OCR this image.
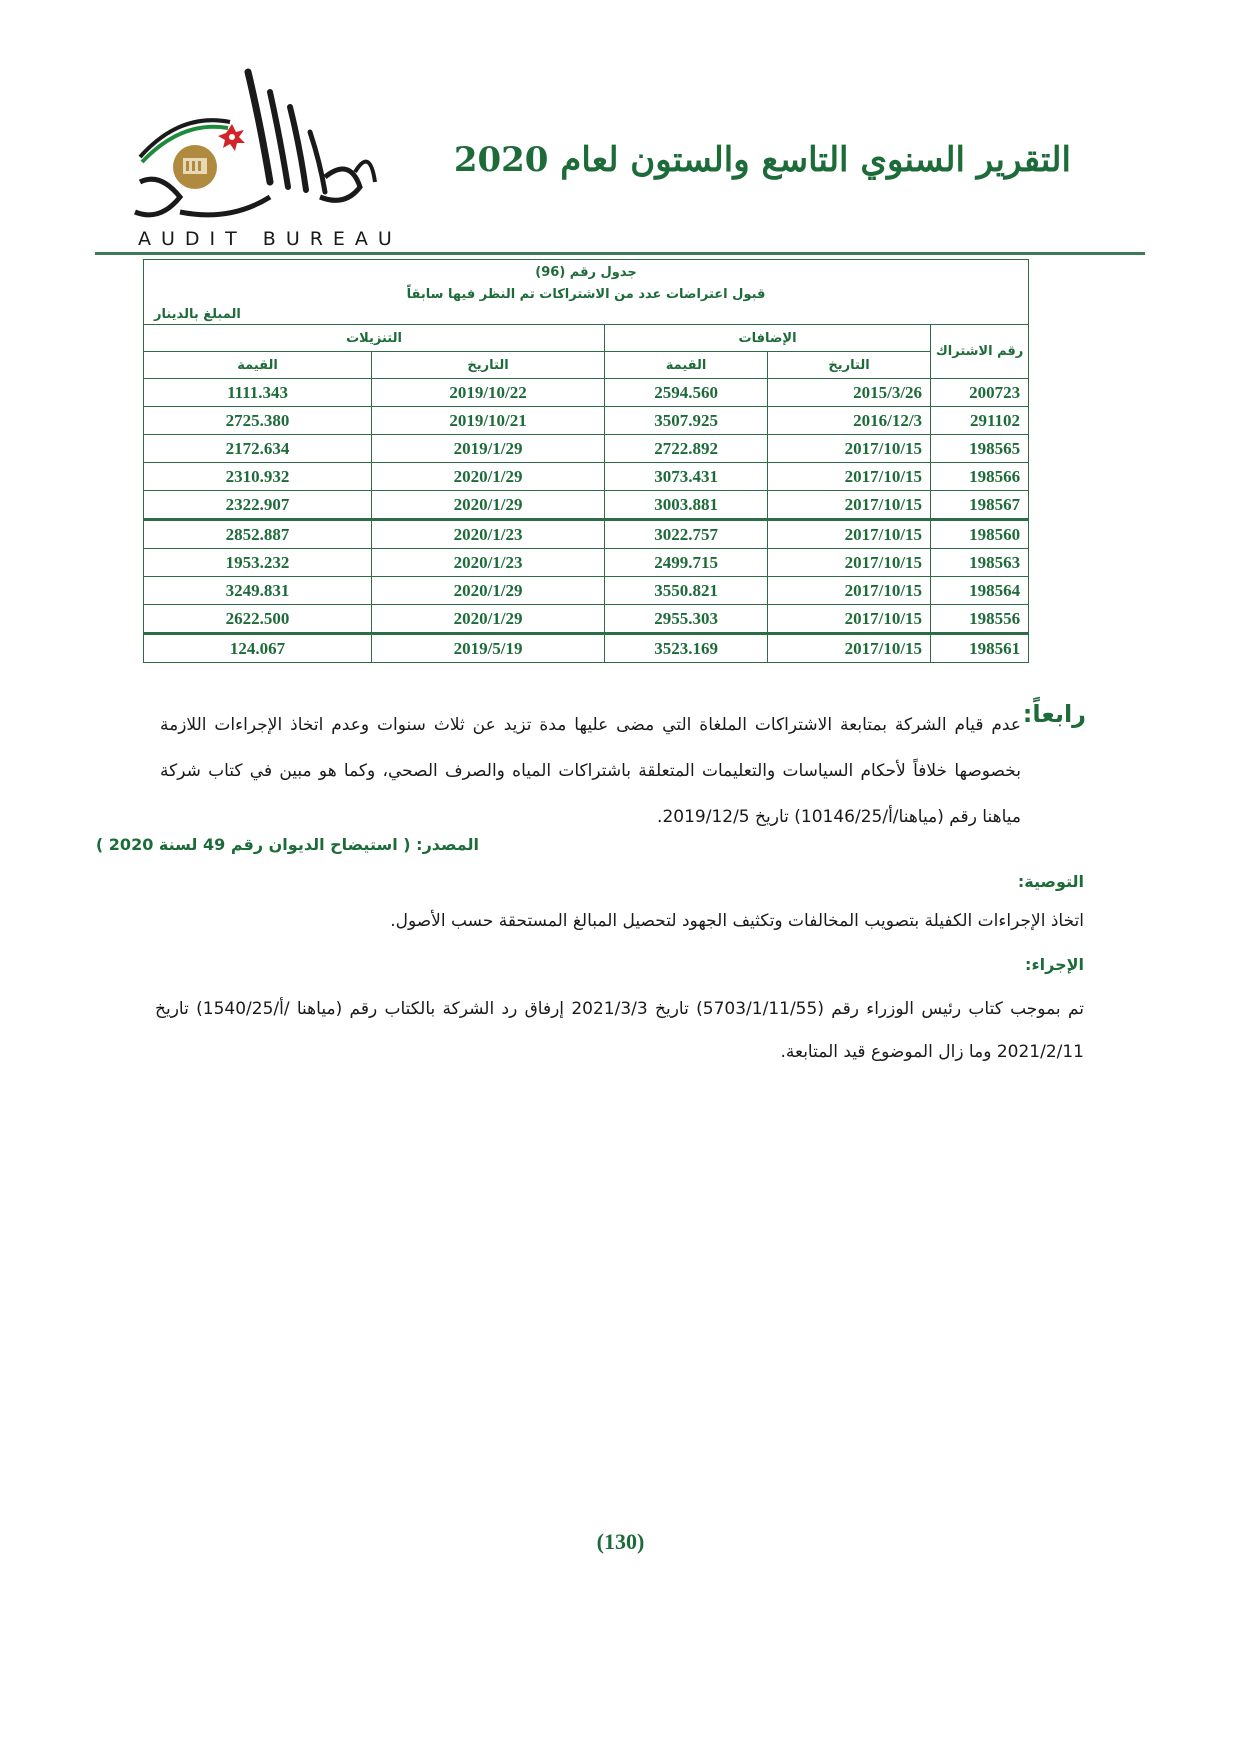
AUDIT BUREAU
التقرير السنوي التاسع والستون لعام 2020
جدول رقم (96)
قبول اعتراضات عدد من الاشتراكات تم النظر فيها سابقاً
المبلغ بالدينار				

رقم الاشتراك	الإضافات		التنزيلات	
	التاريخ	القيمة	التاريخ	القيمة
200723	2015/3/26	2594.560	2019/10/22	1111.343
291102	2016/12/3	3507.925	2019/10/21	2725.380
198565	2017/10/15	2722.892	2019/1/29	2172.634
198566	2017/10/15	3073.431	2020/1/29	2310.932
198567	2017/10/15	3003.881	2020/1/29	2322.907
198560	2017/10/15	3022.757	2020/1/23	2852.887
198563	2017/10/15	2499.715	2020/1/23	1953.232
198564	2017/10/15	3550.821	2020/1/29	3249.831
198556	2017/10/15	2955.303	2020/1/29	2622.500
198561	2017/10/15	3523.169	2019/5/19	124.067
رابعاً:
عدم قيام الشركة بمتابعة الاشتراكات الملغاة التي مضى عليها مدة تزيد عن ثلاث سنوات وعدم اتخاذ الإجراءات اللازمة بخصوصها خلافاً لأحكام السياسات والتعليمات المتعلقة باشتراكات المياه والصرف الصحي، وكما هو مبين في كتاب شركة مياهنا رقم (مياهنا/أ/10146/25) تاريخ 2019/12/5.
المصدر: ( استيضاح الديوان رقم 49 لسنة 2020 )
التوصية:
اتخاذ الإجراءات الكفيلة بتصويب المخالفات وتكثيف الجهود لتحصيل المبالغ المستحقة حسب الأصول.
الإجراء:
تم بموجب كتاب رئيس الوزراء رقم (5703/1/11/55) تاريخ 2021/3/3 إرفاق رد الشركة بالكتاب رقم (مياهنا /أ/1540/25) تاريخ 2021/2/11 وما زال الموضوع قيد المتابعة.
(130)
